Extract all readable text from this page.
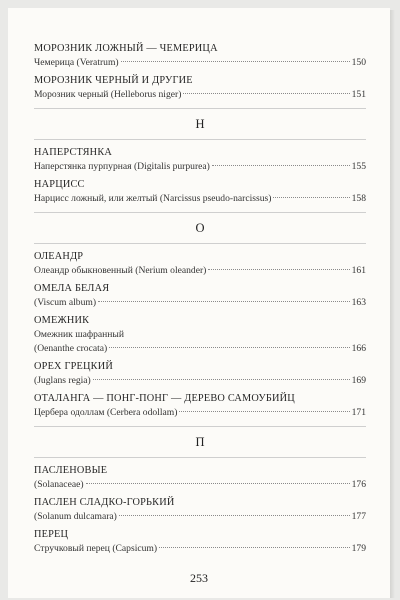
МОРОЗНИК ЛОЖНЫЙ — ЧЕМЕРИЦА
Чемерица (Veratrum)	150
МОРОЗНИК ЧЕРНЫЙ И ДРУГИЕ
Морозник черный (Helleborus niger)	151
Н
НАПЕРСТЯНКА
Наперстянка пурпурная (Digitalis purpurea)	155
НАРЦИСС
Нарцисс ложный, или желтый (Narcissus pseudo-narcissus)	158
О
ОЛЕАНДР
Олеандр обыкновенный (Nerium oleander)	161
ОМЕЛА БЕЛАЯ
(Viscum album)	163
ОМЕЖНИК
Омежник шафранный
(Oenanthe crocata)	166
ОРЕХ ГРЕЦКИЙ
(Juglans regia)	169
ОТАЛАНГА — ПОНГ-ПОНГ — ДЕРЕВО САМОУБИЙЦ
Цербера одоллам (Cerbera odollam)	171
П
ПАСЛЕНОВЫЕ
(Solanaceae)	176
ПАСЛЕН СЛАДКО-ГОРЬКИЙ
(Solanum dulcamara)	177
ПЕРЕЦ
Стручковый перец (Capsicum)	179
253
